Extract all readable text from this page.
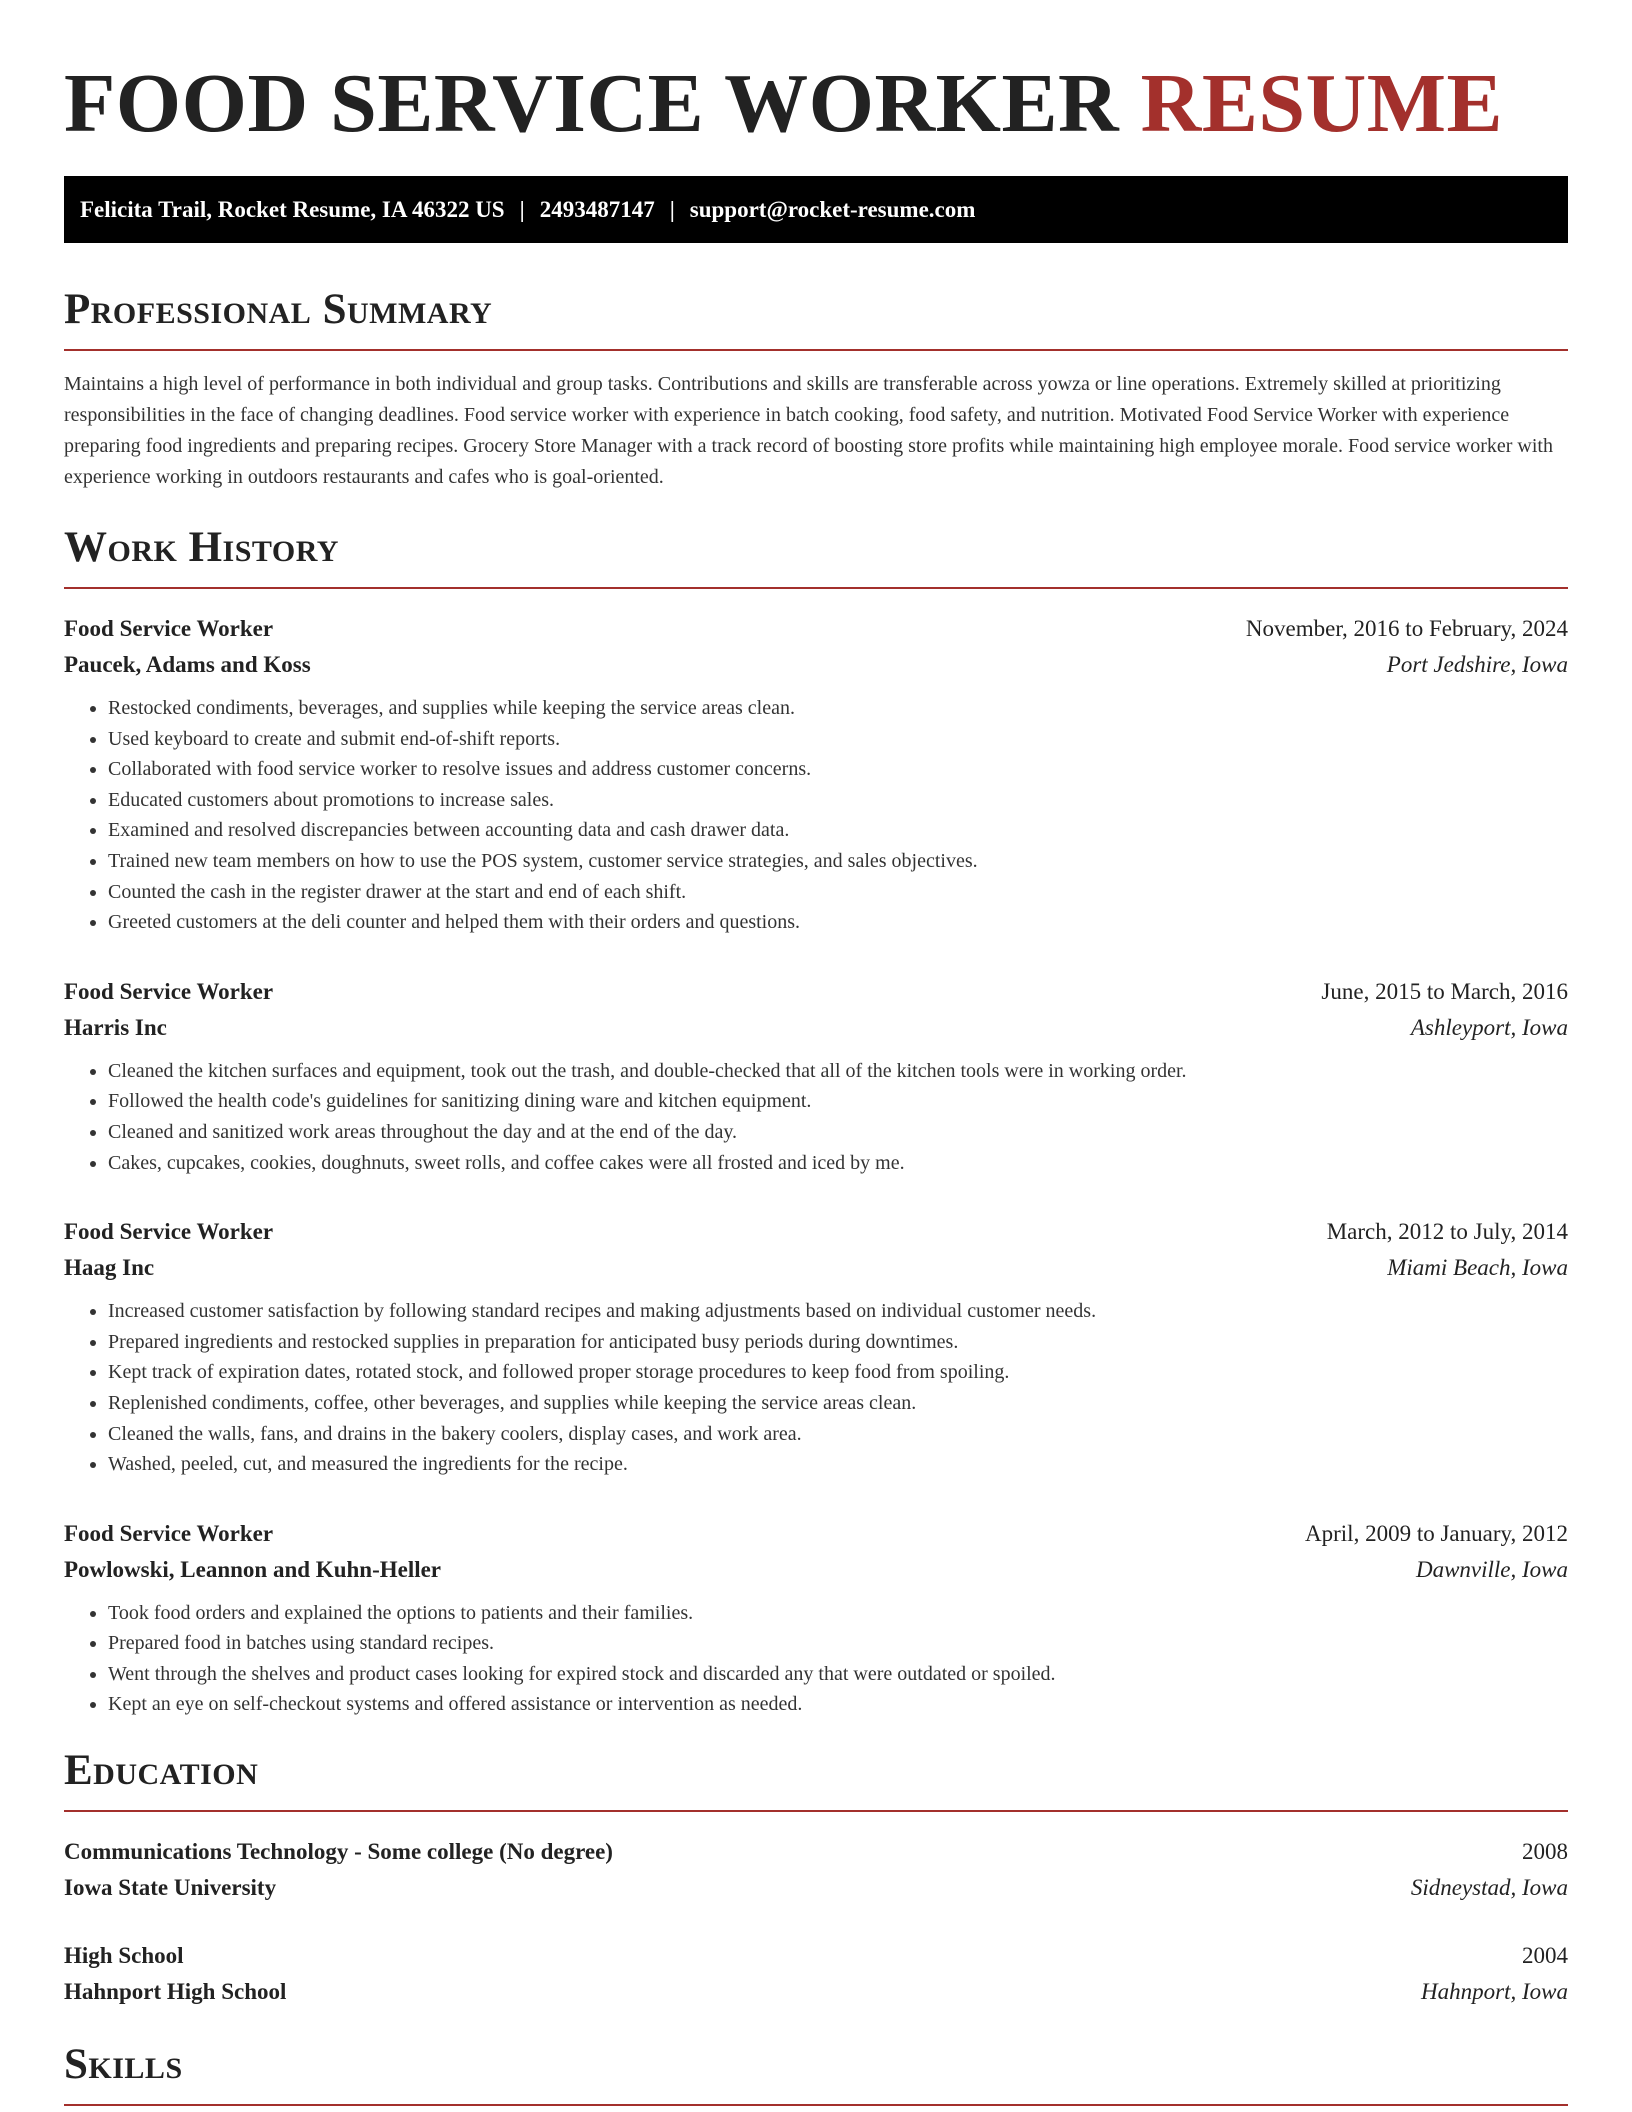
FOOD SERVICE WORKER RESUME
Felicita Trail, Rocket Resume, IA 46322 US | 2493487147 | support@rocket-resume.com
Professional Summary

Maintains a high level of performance in both individual and group tasks. Contributions and skills are transferable across yowza or line operations. Extremely skilled at prioritizing responsibilities in the face of changing deadlines. Food service worker with experience in batch cooking, food safety, and nutrition. Motivated Food Service Worker with experience preparing food ingredients and preparing recipes. Grocery Store Manager with a track record of boosting store profits while maintaining high employee morale. Food service worker with experience working in outdoors restaurants and cafes who is goal-oriented.

Work History
Food Service Worker	November, 2016 to February, 2024
Paucek, Adams and Koss	Port Jedshire, Iowa
• Restocked condiments, beverages, and supplies while keeping the service areas clean.
• Used keyboard to create and submit end-of-shift reports.
• Collaborated with food service worker to resolve issues and address customer concerns.
• Educated customers about promotions to increase sales.
• Examined and resolved discrepancies between accounting data and cash drawer data.
• Trained new team members on how to use the POS system, customer service strategies, and sales objectives.
• Counted the cash in the register drawer at the start and end of each shift.
• Greeted customers at the deli counter and helped them with their orders and questions.
Food Service Worker	June, 2015 to March, 2016
Harris Inc	Ashleyport, Iowa
• Cleaned the kitchen surfaces and equipment, took out the trash, and double-checked that all of the kitchen tools were in working order.
• Followed the health code's guidelines for sanitizing dining ware and kitchen equipment.
• Cleaned and sanitized work areas throughout the day and at the end of the day.
• Cakes, cupcakes, cookies, doughnuts, sweet rolls, and coffee cakes were all frosted and iced by me.
Food Service Worker	March, 2012 to July, 2014
Haag Inc	Miami Beach, Iowa
• Increased customer satisfaction by following standard recipes and making adjustments based on individual customer needs.
• Prepared ingredients and restocked supplies in preparation for anticipated busy periods during downtimes.
• Kept track of expiration dates, rotated stock, and followed proper storage procedures to keep food from spoiling.
• Replenished condiments, coffee, other beverages, and supplies while keeping the service areas clean.
• Cleaned the walls, fans, and drains in the bakery coolers, display cases, and work area.
• Washed, peeled, cut, and measured the ingredients for the recipe.
Food Service Worker	April, 2009 to January, 2012
Powlowski, Leannon and Kuhn-Heller	Dawnville, Iowa
• Took food orders and explained the options to patients and their families.
• Prepared food in batches using standard recipes.
• Went through the shelves and product cases looking for expired stock and discarded any that were outdated or spoiled.
• Kept an eye on self-checkout systems and offered assistance or intervention as needed.
Education
Communications Technology - Some college (No degree)	2008
Iowa State University	Sidneystad, Iowa
High School	2004
Hahnport High School	Hahnport, Iowa
Skills
